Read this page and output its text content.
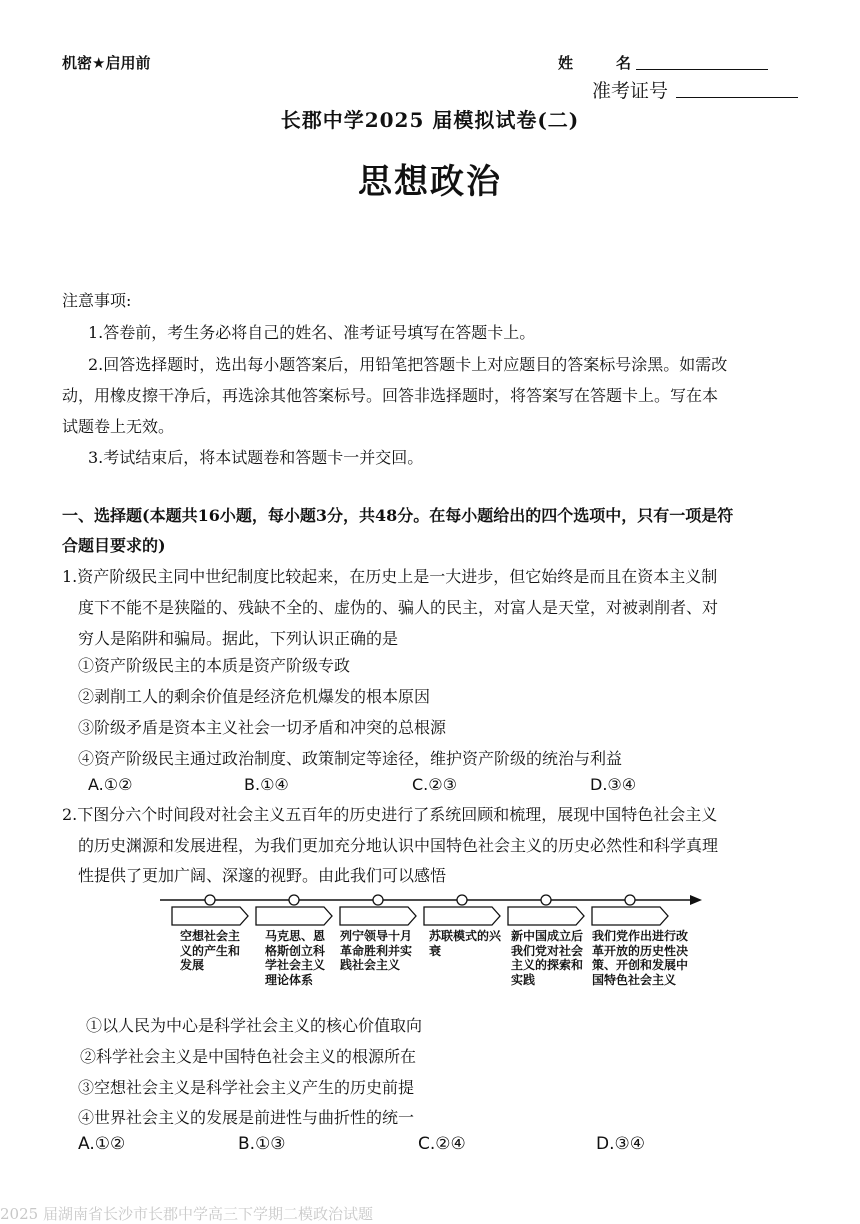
机密★启用前	姓　名
准考证号
长郡中学2025 届模拟试卷(二)
思想政治
注意事项:
1.答卷前，考生务必将自己的姓名、准考证号填写在答题卡上。
2.回答选择题时，选出每小题答案后，用铅笔把答题卡上对应题目的答案标号涂黑。如需改
动，用橡皮擦干净后，再选涂其他答案标号。回答非选择题时，将答案写在答题卡上。写在本
试题卷上无效。
3.考试结束后，将本试题卷和答题卡一并交回。
一、选择题(本题共16小题，每小题3分，共48分。在每小题给出的四个选项中，只有一项是符
合题目要求的)
1.资产阶级民主同中世纪制度比较起来，在历史上是一大进步，但它始终是而且在资本主义制
度下不能不是狭隘的、残缺不全的、虚伪的、骗人的民主，对富人是天堂，对被剥削者、对
穷人是陷阱和骗局。据此，下列认识正确的是
①资产阶级民主的本质是资产阶级专政
②剥削工人的剩余价值是经济危机爆发的根本原因
③阶级矛盾是资本主义社会一切矛盾和冲突的总根源
④资产阶级民主通过政治制度、政策制定等途径，维护资产阶级的统治与利益
A.①②	B.①④	C.②③	D.③④
2.下图分六个时间段对社会主义五百年的历史进行了系统回顾和梳理，展现中国特色社会主义
的历史渊源和发展进程，为我们更加充分地认识中国特色社会主义的历史必然性和科学真理
性提供了更加广阔、深邃的视野。由此我们可以感悟
空想社会主义的产生和发展
马克思、恩格斯创立科学社会主义理论体系
列宁领导十月革命胜利并实践社会主义
苏联模式的兴衰
新中国成立后我们党对社会主义的探索和实践
我们党作出进行改革开放的历史性决策、开创和发展中国特色社会主义
①以人民为中心是科学社会主义的核心价值取向
②科学社会主义是中国特色社会主义的根源所在
③空想社会主义是科学社会主义产生的历史前提
④世界社会主义的发展是前进性与曲折性的统一
A.①②	B.①③	C.②④	D.③④
2025 届湖南省长沙市长郡中学高三下学期二模政治试题
